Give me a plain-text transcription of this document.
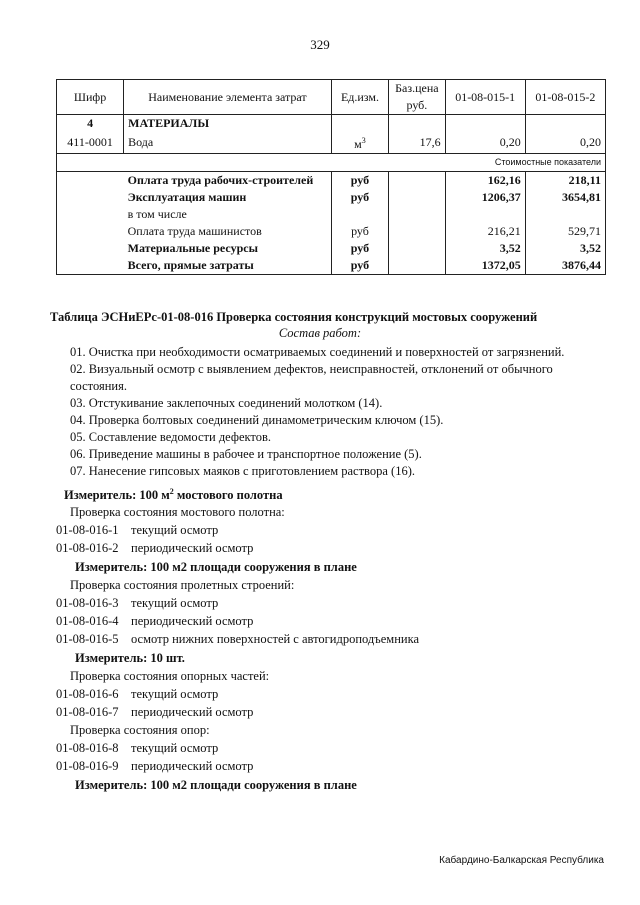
329
Шифр	Наименование элемента затрат	Ед.изм.	Баз.цена руб.	01-08-015-1	01-08-015-2
4	МАТЕРИАЛЫ				
411-0001	Вода	$м^3$	17,6	0,20	0,20
Стоимостные показатели					
	Оплата труда рабочих-строителей	руб		162,16	218,11
	Эксплуатация машин	руб		1206,37	3654,81
	в том числе				
	Оплата труда машинистов	руб		216,21	529,71
	Материальные ресурсы	руб		3,52	3,52
	Всего, прямые затраты	руб		1372,05	3876,44
Таблица ЭСНиЕРс-01-08-016 Проверка состояния конструкций мостовых сооружений
Состав работ:
01. Очистка при необходимости осматриваемых соединений и поверхностей от загрязнений.
02. Визуальный осмотр с выявлением дефектов, неисправностей, отклонений от обычного состояния.
03. Отстукивание заклепочных соединений молотком (14).
04. Проверка болтовых соединений динамометрическим ключом (15).
05. Составление ведомости дефектов.
06. Приведение машины в рабочее и транспортное положение (5).
07. Нанесение гипсовых маяков с приготовлением раствора (16).
Измеритель: 100 $м^2$ мостового полотна
Проверка состояния мостового полотна:
01-08-016-1 текущий осмотр
01-08-016-2 периодический осмотр
Измеритель: 100 м2 площади сооружения в плане
Проверка состояния пролетных строений:
01-08-016-3 текущий осмотр
01-08-016-4 периодический осмотр
01-08-016-5 осмотр нижних поверхностей с автогидроподъемника
Измеритель: 10 шт.
Проверка состояния опорных частей:
01-08-016-6 текущий осмотр
01-08-016-7 периодический осмотр
Проверка состояния опор:
01-08-016-8 текущий осмотр
01-08-016-9 периодический осмотр
Измеритель: 100 м2 площади сооружения в плане
Кабардино-Балкарская Республика
